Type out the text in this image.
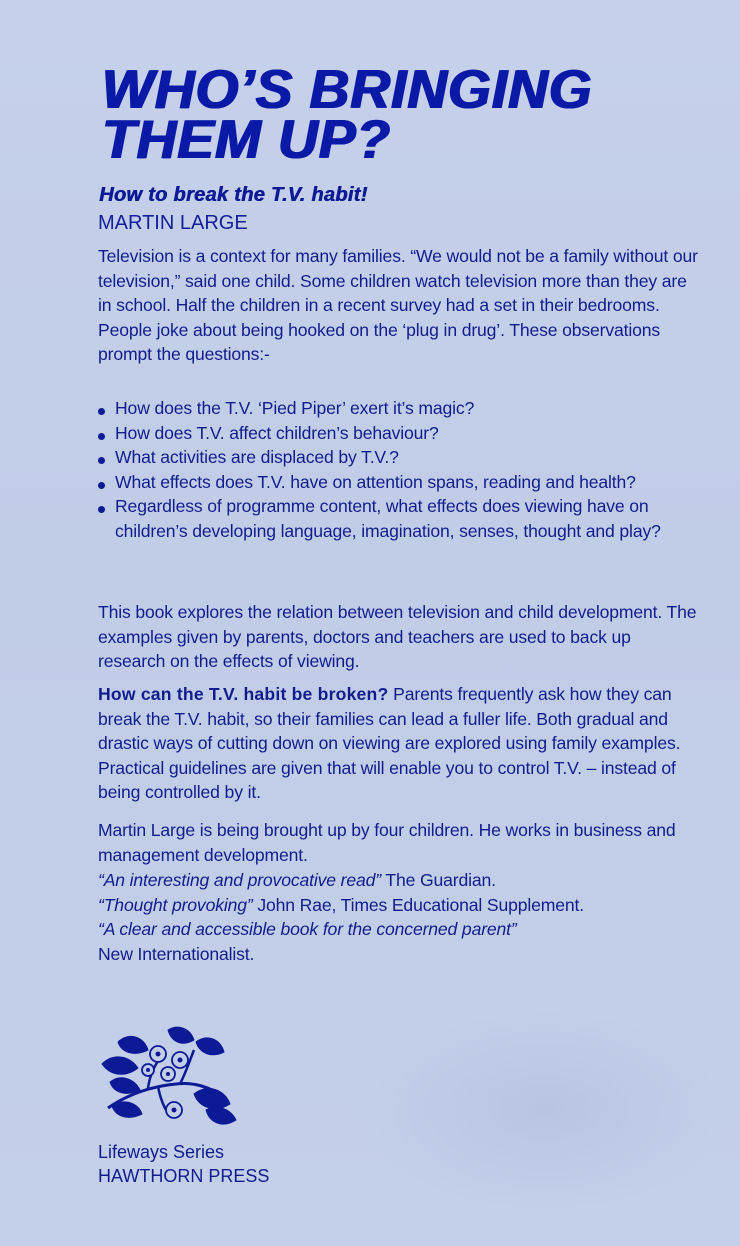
WHO’S BRINGING
THEM UP?

How to break the T.V. habit!

MARTIN LARGE

Television is a context for many families. “We would not be a family without our television,” said one child. Some children watch television more than they are in school. Half the children in a recent survey had a set in their bedrooms. People joke about being hooked on the ‘plug in drug’. These observations prompt the questions:-

How does the T.V. ‘Pied Piper’ exert it’s magic?
How does T.V. affect children’s behaviour?
What activities are displaced by T.V.?
What effects does T.V. have on attention spans, reading and health?
Regardless of programme content, what effects does viewing have on children’s developing language, imagination, senses, thought and play?

This book explores the relation between television and child development. The examples given by parents, doctors and teachers are used to back up research on the effects of viewing.

How can the T.V. habit be broken? Parents frequently ask how they can break the T.V. habit, so their families can lead a fuller life. Both gradual and drastic ways of cutting down on viewing are explored using family examples. Practical guidelines are given that will enable you to control T.V. – instead of being controlled by it.

Martin Large is being brought up by four children. He works in business and management development.

“An interesting and provocative read” The Guardian.

“Thought provoking” John Rae, Times Educational Supplement.

“A clear and accessible book for the concerned parent”

New Internationalist.

Lifeways Series
HAWTHORN PRESS
